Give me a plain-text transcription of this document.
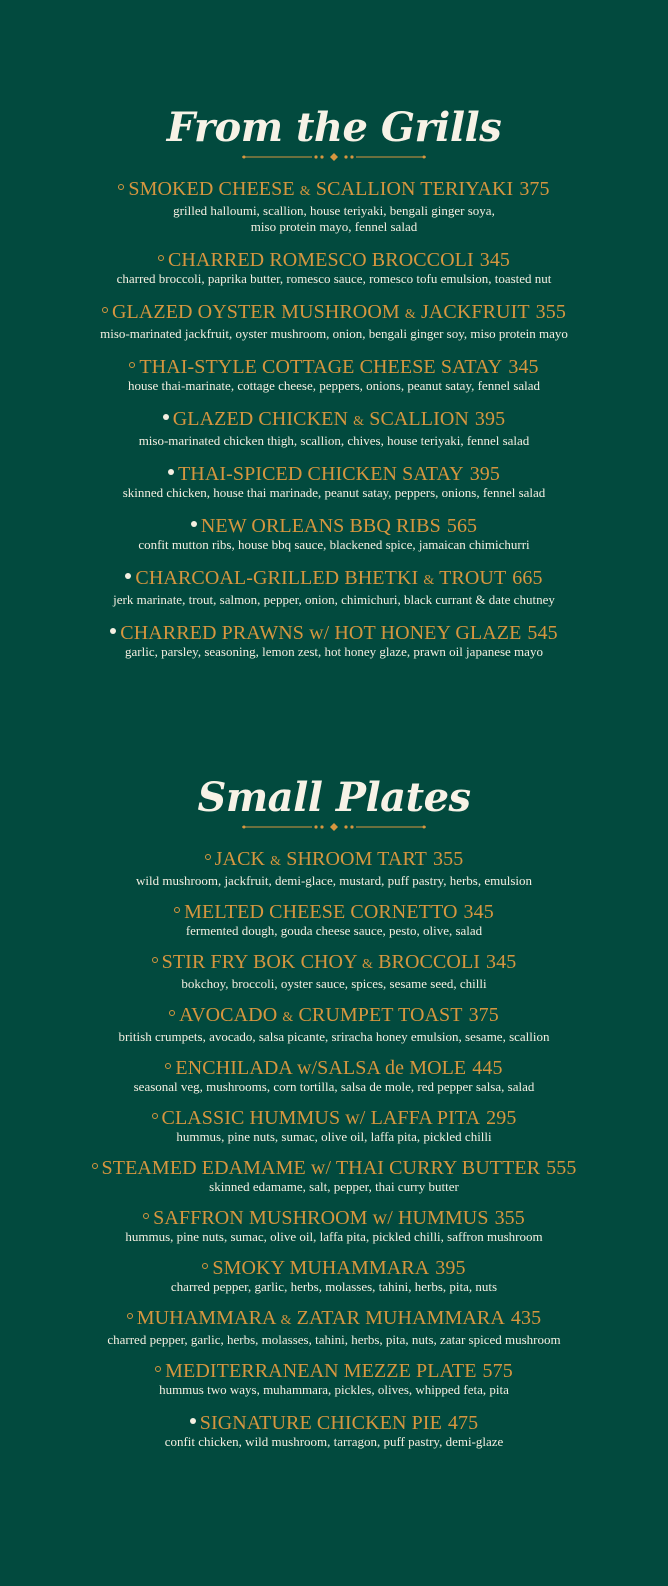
From the Grills
SMOKED CHEESE & SCALLION TERIYAKI 375
grilled halloumi, scallion, house teriyaki, bengali ginger soya,
miso protein mayo, fennel salad
CHARRED ROMESCO BROCCOLI 345
charred broccoli, paprika butter, romesco sauce, romesco tofu emulsion, toasted nut
GLAZED OYSTER MUSHROOM & JACKFRUIT 355
miso-marinated jackfruit, oyster mushroom, onion, bengali ginger soy, miso protein mayo
THAI-STYLE COTTAGE CHEESE SATAY 345
house thai-marinate, cottage cheese, peppers, onions, peanut satay, fennel salad
GLAZED CHICKEN & SCALLION 395
miso-marinated chicken thigh, scallion, chives, house teriyaki, fennel salad
THAI-SPICED CHICKEN SATAY 395
skinned chicken, house thai marinade, peanut satay, peppers, onions, fennel salad
NEW ORLEANS BBQ RIBS 565
confit mutton ribs, house bbq sauce, blackened spice, jamaican chimichurri
CHARCOAL-GRILLED BHETKI & TROUT 665
jerk marinate, trout, salmon, pepper, onion, chimichuri, black currant & date chutney
CHARRED PRAWNS w/ HOT HONEY GLAZE 545
garlic, parsley, seasoning, lemon zest, hot honey glaze, prawn oil japanese mayo
Small Plates
JACK & SHROOM TART 355
wild mushroom, jackfruit, demi-glace, mustard, puff pastry, herbs, emulsion
MELTED CHEESE CORNETTO 345
fermented dough, gouda cheese sauce, pesto, olive, salad
STIR FRY BOK CHOY & BROCCOLI 345
bokchoy, broccoli, oyster sauce, spices, sesame seed, chilli
AVOCADO & CRUMPET TOAST 375
british crumpets, avocado, salsa picante, sriracha honey emulsion, sesame, scallion
ENCHILADA w/SALSA de MOLE 445
seasonal veg, mushrooms, corn tortilla, salsa de mole, red pepper salsa, salad
CLASSIC HUMMUS w/ LAFFA PITA 295
hummus, pine nuts, sumac, olive oil, laffa pita, pickled chilli
STEAMED EDAMAME w/ THAI CURRY BUTTER 555
skinned edamame, salt, pepper, thai curry butter
SAFFRON MUSHROOM w/ HUMMUS 355
hummus, pine nuts, sumac, olive oil, laffa pita, pickled chilli, saffron mushroom
SMOKY MUHAMMARA 395
charred pepper, garlic, herbs, molasses, tahini, herbs, pita, nuts
MUHAMMARA & ZATAR MUHAMMARA 435
charred pepper, garlic, herbs, molasses, tahini, herbs, pita, nuts, zatar spiced mushroom
MEDITERRANEAN MEZZE PLATE 575
hummus two ways, muhammara, pickles, olives, whipped feta, pita
SIGNATURE CHICKEN PIE 475
confit chicken, wild mushroom, tarragon, puff pastry, demi-glaze
